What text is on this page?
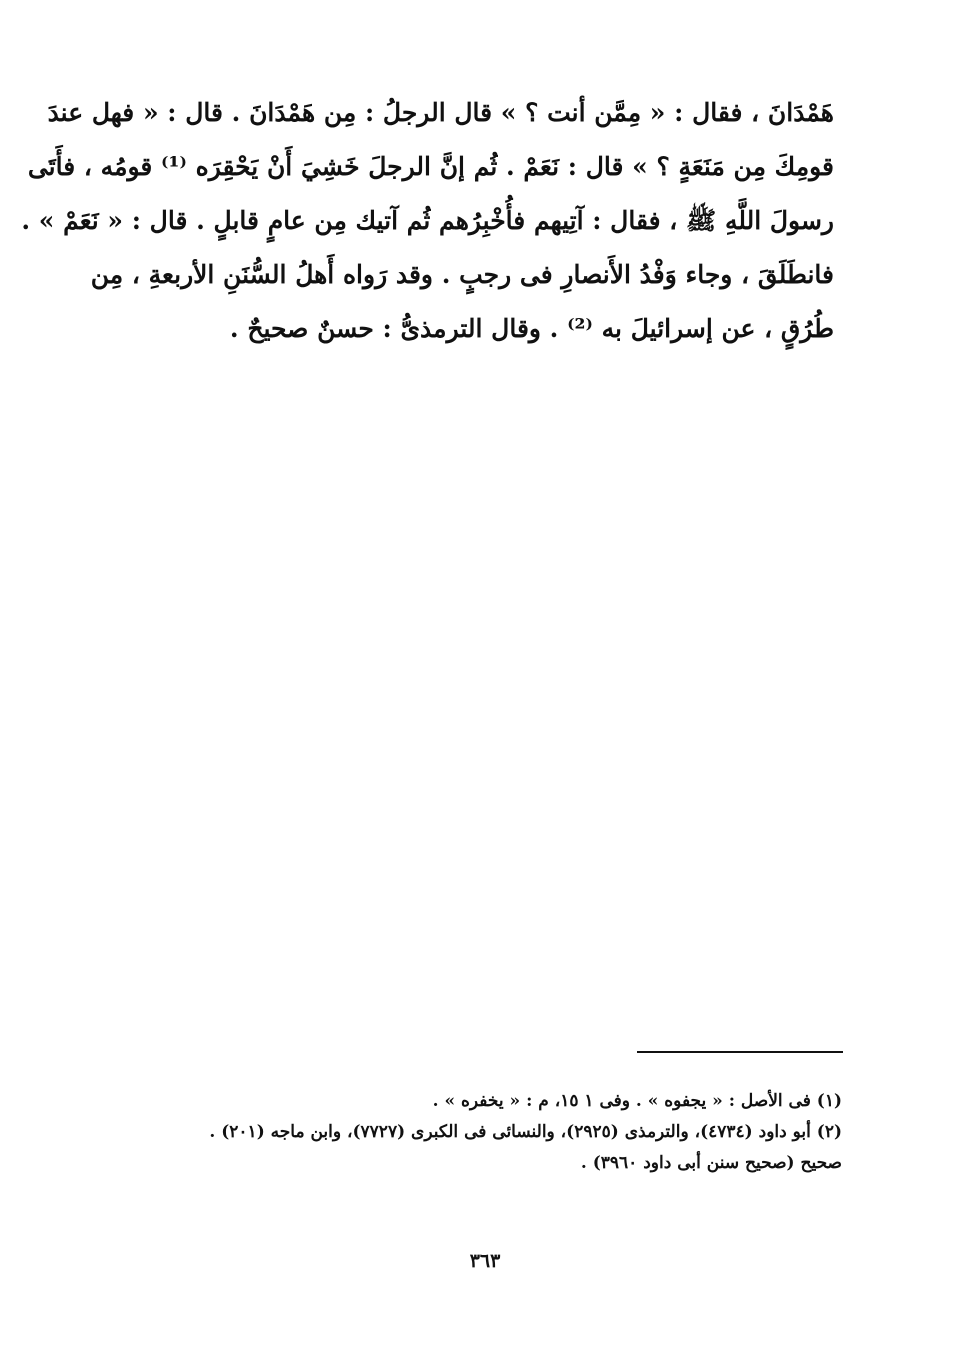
هَمْدَانَ ، فقال : « مِمَّن أنت ؟ » قال الرجلُ : مِن هَمْدَانَ . قال : « فهل عندَ
قومِكَ مِن مَنَعَةٍ ؟ » قال : نَعَمْ . ثُم إنَّ الرجلَ خَشِيَ أَنْ يَحْقِرَه ⁽¹⁾ قومُه ، فأَتَى
رسولَ اللَّهِ ﷺ ، فقال : آتِيهم فأُخْبِرُهم ثُم آتيك مِن عامٍ قابلٍ . قال : « نَعَمْ » .
فانطَلَقَ ، وجاء وَفْدُ الأَنصارِ فى رجبٍ . وقد رَواه أَهلُ السُّنَنِ الأربعةِ ، مِن
طُرُقٍ ، عن إسرائيلَ به ⁽²⁾ . وقال الترمذىُّ : حسنٌ صحيحٌ .
(١) فى الأصل : « يجفوه » . وفى ١ ١٥، م : « يخفره » .
(٢) أبو داود (٤٧٣٤)، والترمذى (٢٩٢٥)، والنسائى فى الكبرى (٧٧٢٧)، وابن ماجه (٢٠١) .
صحيح (صحيح سنن أبى داود ٣٩٦٠) .
٣٦٣
